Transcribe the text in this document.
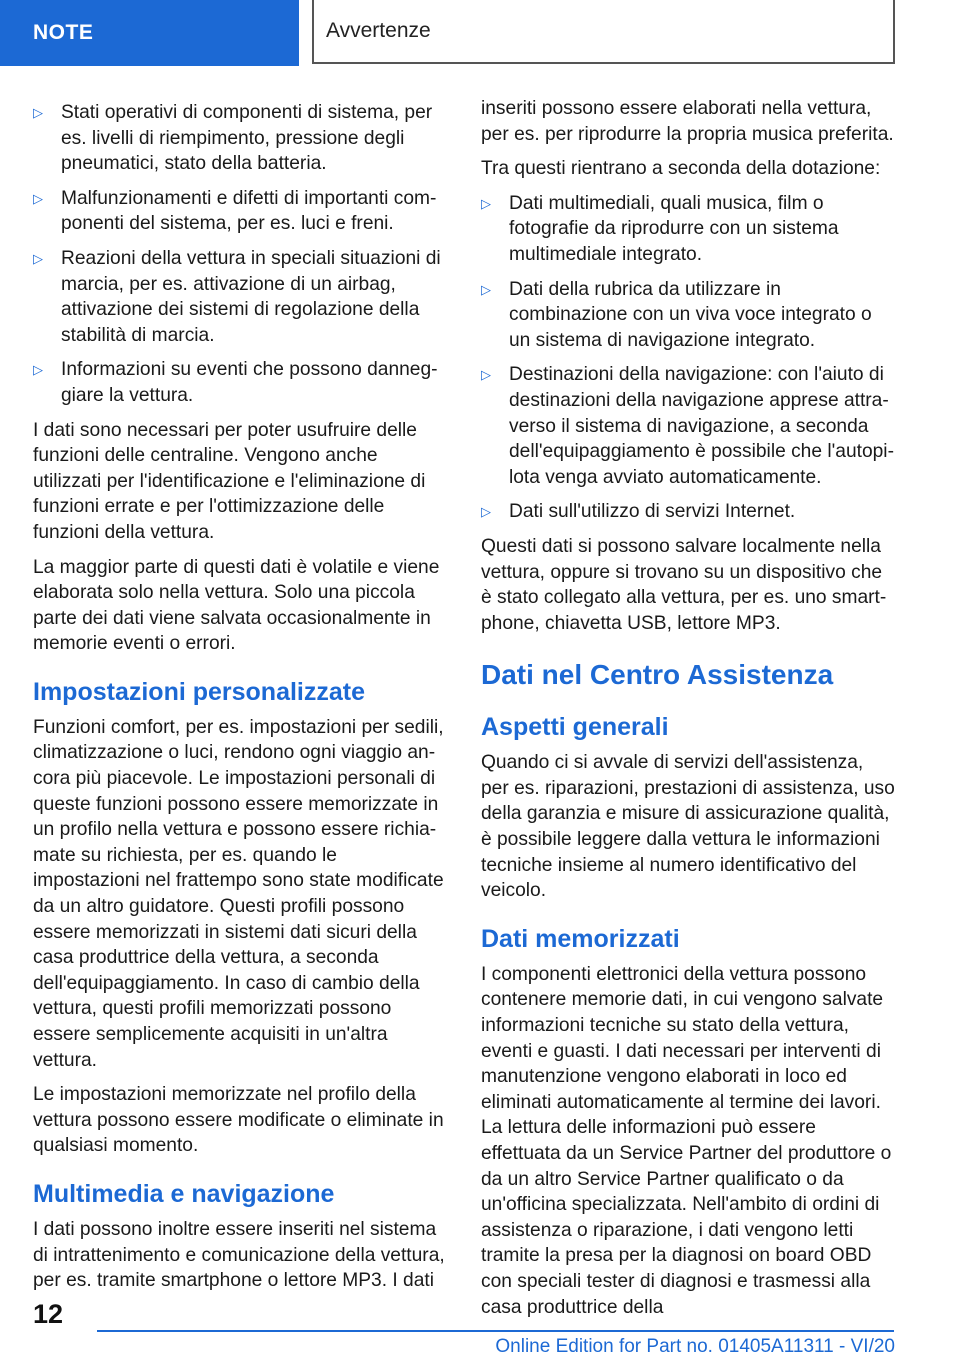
NOTE	Avvertenze
▷ Stati operativi di componenti di sistema, per es. livelli di riempimento, pressione degli pneumatici, stato della batteria.
▷ Malfunzionamenti e difetti di importanti componenti del sistema, per es. luci e freni.
▷ Reazioni della vettura in speciali situazioni di marcia, per es. attivazione di un airbag, attivazione dei sistemi di regolazione della stabilità di marcia.
▷ Informazioni su eventi che possono danneggiare la vettura.

I dati sono necessari per poter usufruire delle funzioni delle centraline. Vengono anche utilizzati per l'identificazione e l'eliminazione di funzioni errate e per l'ottimizzazione delle funzioni della vettura.

La maggior parte di questi dati è volatile e viene elaborata solo nella vettura. Solo una piccola parte dei dati viene salvata occasionalmente in memorie eventi o errori.

Impostazioni personalizzate

Funzioni comfort, per es. impostazioni per sedili, climatizzazione o luci, rendono ogni viaggio ancora più piacevole. Le impostazioni personali di queste funzioni possono essere memorizzate in un profilo nella vettura e possono essere richiamate su richiesta, per es. quando le impostazioni nel frattempo sono state modificate da un altro guidatore. Questi profili possono essere memorizzati in sistemi dati sicuri della casa produttrice della vettura, a seconda dell'equipaggiamento. In caso di cambio della vettura, questi profili memorizzati possono essere semplicemente acquisiti in un'altra vettura.

Le impostazioni memorizzate nel profilo della vettura possono essere modificate o eliminate in qualsiasi momento.

Multimedia e navigazione

I dati possono inoltre essere inseriti nel sistema di intrattenimento e comunicazione della vettura, per es. tramite smartphone o lettore MP3. I dati

inseriti possono essere elaborati nella vettura, per es. per riprodurre la propria musica preferita.

Tra questi rientrano a seconda della dotazione:

▷ Dati multimediali, quali musica, film o fotografie da riprodurre con un sistema multimediale integrato.
▷ Dati della rubrica da utilizzare in combinazione con un viva voce integrato o un sistema di navigazione integrato.
▷ Destinazioni della navigazione: con l'aiuto di destinazioni della navigazione apprese attraverso il sistema di navigazione, a seconda dell'equipaggiamento è possibile che l'autopilota venga avviato automaticamente.
▷ Dati sull'utilizzo di servizi Internet.

Questi dati si possono salvare localmente nella vettura, oppure si trovano su un dispositivo che è stato collegato alla vettura, per es. uno smartphone, chiavetta USB, lettore MP3.

Dati nel Centro Assistenza
Aspetti generali

Quando ci si avvale di servizi dell'assistenza, per es. riparazioni, prestazioni di assistenza, uso della garanzia e misure di assicurazione qualità, è possibile leggere dalla vettura le informazioni tecniche insieme al numero identificativo del veicolo.

Dati memorizzati

I componenti elettronici della vettura possono contenere memorie dati, in cui vengono salvate informazioni tecniche su stato della vettura, eventi e guasti. I dati necessari per interventi di manutenzione vengono elaborati in loco ed eliminati automaticamente al termine dei lavori. La lettura delle informazioni può essere effettuata da un Service Partner del produttore o da un altro Service Partner qualificato o da un'officina specializzata. Nell'ambito di ordini di assistenza o riparazione, i dati vengono letti tramite la presa per la diagnosi on board OBD con speciali tester di diagnosi e trasmessi alla casa produttrice della

12
Online Edition for Part no. 01405A11311 - VI/20
